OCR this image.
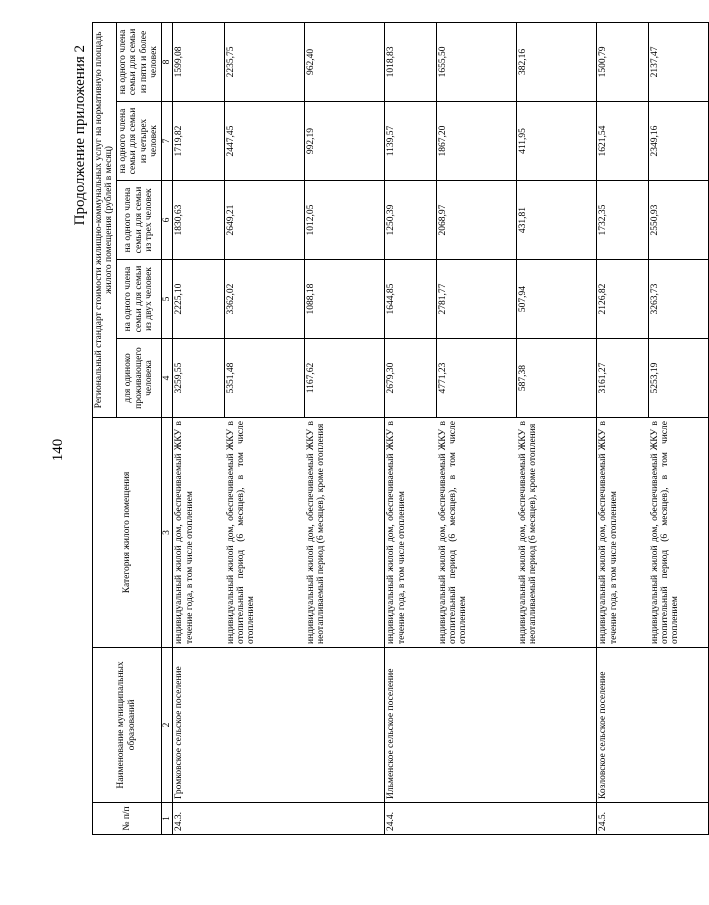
140
Продолжение приложения 2
№ п/п	Наименование муниципальных образований	Категория жилого помещения	Региональный стандарт стоимости жилищно-коммунальных услуг на нормативную площадь жилого помещения (рублей в месяц)				
			для одиноко проживающего человека	на одного члена семьи для семьи из двух человек	на одного члена семьи для семьи из трех человек	на одного члена семьи для семьи из четырех человек	на одного члена семьи для семьи из пяти и более человек
1	2	3	4	5	6	7	8
24.3.	Громковское сельское поселение	индивидуальный жилой дом, обеспечиваемый ЖКУ в течение года, в том числе отоплением	3259,55	2225,10	1830,63	1719,82	1599,08
		индивидуальный жилой дом, обеспечиваемый ЖКУ в отопительный период (6 месяцев), в том числе отоплением	5351,48	3362,02	2649,21	2447,45	2235,75
		индивидуальный жилой дом, обеспечиваемый ЖКУ в неотапливаемый период (6 месяцев), кроме отопления	1167,62	1088,18	1012,05	992,19	962,40
24.4.	Ильменское сельское поселение	индивидуальный жилой дом, обеспечиваемый ЖКУ в течение года, в том числе отоплением	2679,30	1644,85	1250,39	1139,57	1018,83
		индивидуальный жилой дом, обеспечиваемый ЖКУ в отопительный период (6 месяцев), в том числе отоплением	4771,23	2781,77	2068,97	1867,20	1655,50
		индивидуальный жилой дом, обеспечиваемый ЖКУ в неотапливаемый период (6 месяцев), кроме отопления	587,38	507,94	431,81	411,95	382,16
24.5.	Козловское сельское поселение	индивидуальный жилой дом, обеспечиваемый ЖКУ в течение года, в том числе отоплением	3161,27	2126,82	1732,35	1621,54	1500,79
		индивидуальный жилой дом, обеспечиваемый ЖКУ в отопительный период (6 месяцев), в том числе отоплением	5253,19	3263,73	2550,93	2349,16	2137,47
